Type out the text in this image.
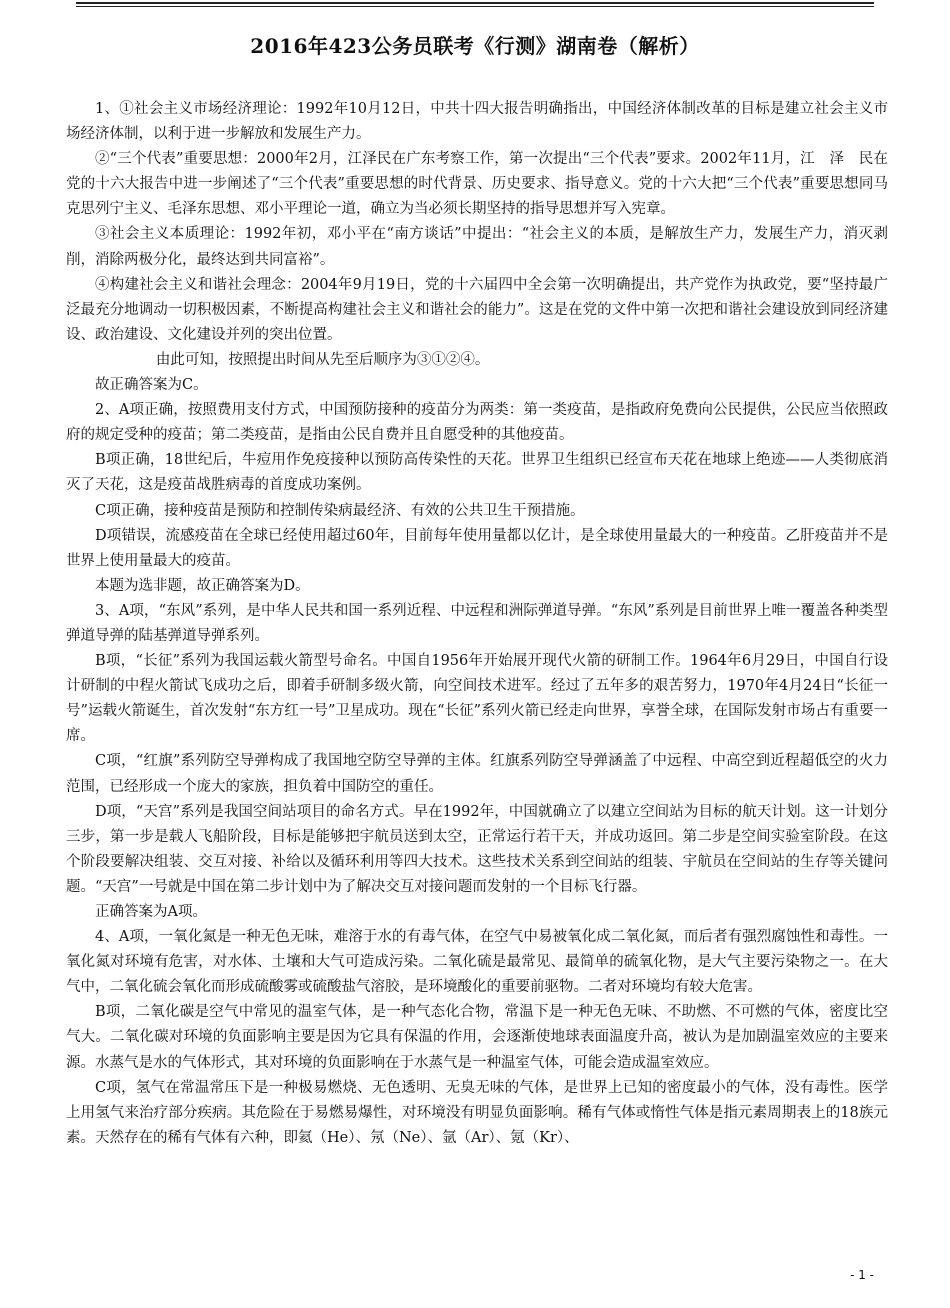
2016年423公务员联考《行测》湖南卷（解析）

1、①社会主义市场经济理论：1992年10月12日，中共十四大报告明确指出，中国经济体制改革的目标是建立社会主义市场经济体制，以利于进一步解放和发展生产力。

②“三个代表”重要思想：2000年2月，江泽民在广东考察工作，第一次提出“三个代表”要求。2002年11月，江　泽　民在党的十六大报告中进一步阐述了“三个代表”重要思想的时代背景、历史要求、指导意义。党的十六大把“三个代表”重要思想同马克思列宁主义、毛泽东思想、邓小平理论一道，确立为当必须长期坚持的指导思想并写入宪章。

③社会主义本质理论：1992年初，邓小平在“南方谈话”中提出：“社会主义的本质，是解放生产力，发展生产力，消灭剥削，消除两极分化，最终达到共同富裕”。

④构建社会主义和谐社会理念：2004年9月19日，党的十六届四中全会第一次明确提出，共产党作为执政党，要“坚持最广泛最充分地调动一切积极因素，不断提高构建社会主义和谐社会的能力”。这是在党的文件中第一次把和谐社会建设放到同经济建设、政治建设、文化建设并列的突出位置。

由此可知，按照提出时间从先至后顺序为③①②④。

故正确答案为C。

2、A项正确，按照费用支付方式，中国预防接种的疫苗分为两类：第一类疫苗，是指政府免费向公民提供，公民应当依照政府的规定受种的疫苗；第二类疫苗，是指由公民自费并且自愿受种的其他疫苗。

B项正确，18世纪后，牛痘用作免疫接种以预防高传染性的天花。世界卫生组织已经宣布天花在地球上绝迹——人类彻底消灭了天花，这是疫苗战胜病毒的首度成功案例。

C项正确，接种疫苗是预防和控制传染病最经济、有效的公共卫生干预措施。

D项错误，流感疫苗在全球已经使用超过60年，目前每年使用量都以亿计，是全球使用量最大的一种疫苗。乙肝疫苗并不是世界上使用量最大的疫苗。

本题为选非题，故正确答案为D。

3、A项，“东风”系列，是中华人民共和国一系列近程、中远程和洲际弹道导弹。“东风”系列是目前世界上唯一覆盖各种类型弹道导弹的陆基弹道导弹系列。

B项，“长征”系列为我国运载火箭型号命名。中国自1956年开始展开现代火箭的研制工作。1964年6月29日，中国自行设计研制的中程火箭试飞成功之后，即着手研制多级火箭，向空间技术进军。经过了五年多的艰苦努力，1970年4月24日“长征一号”运载火箭诞生，首次发射“东方红一号”卫星成功。现在“长征”系列火箭已经走向世界，享誉全球，在国际发射市场占有重要一席。

C项，“红旗”系列防空导弹构成了我国地空防空导弹的主体。红旗系列防空导弹涵盖了中远程、中高空到近程超低空的火力范围，已经形成一个庞大的家族，担负着中国防空的重任。

D项，“天宫”系列是我国空间站项目的命名方式。早在1992年，中国就确立了以建立空间站为目标的航天计划。这一计划分三步，第一步是载人飞船阶段，目标是能够把宇航员送到太空，正常运行若干天，并成功返回。第二步是空间实验室阶段。在这个阶段要解决组装、交互对接、补给以及循环利用等四大技术。这些技术关系到空间站的组装、宇航员在空间站的生存等关键问题。“天宫”一号就是中国在第二步计划中为了解决交互对接问题而发射的一个目标飞行器。

正确答案为A项。

4、A项，一氧化氮是一种无色无味，难溶于水的有毒气体，在空气中易被氧化成二氧化氮，而后者有强烈腐蚀性和毒性。一氧化氮对环境有危害，对水体、土壤和大气可造成污染。二氧化硫是最常见、最简单的硫氧化物，是大气主要污染物之一。在大气中，二氧化硫会氧化而形成硫酸雾或硫酸盐气溶胶，是环境酸化的重要前驱物。二者对环境均有较大危害。

B项，二氧化碳是空气中常见的温室气体，是一种气态化合物，常温下是一种无色无味、不助燃、不可燃的气体，密度比空气大。二氧化碳对环境的负面影响主要是因为它具有保温的作用，会逐渐使地球表面温度升高，被认为是加剧温室效应的主要来源。水蒸气是水的气体形式，其对环境的负面影响在于水蒸气是一种温室气体，可能会造成温室效应。

C项，氢气在常温常压下是一种极易燃烧、无色透明、无臭无味的气体，是世界上已知的密度最小的气体，没有毒性。医学上用氢气来治疗部分疾病。其危险在于易燃易爆性，对环境没有明显负面影响。稀有气体或惰性气体是指元素周期表上的18族元素。天然存在的稀有气体有六种，即氦（He）、氖（Ne）、氩（Ar）、氪（Kr）、

- 1 -
